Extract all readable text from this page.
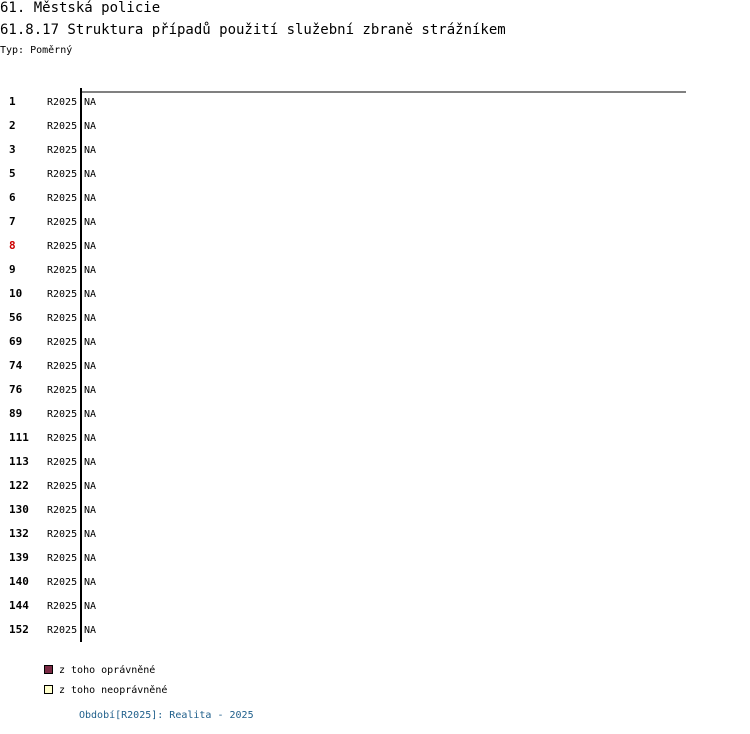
61. Městská policie
61.8.17 Struktura případů použití služební zbraně strážníkem
Typ: Poměrný
1	R2025 NA
2	R2025 NA
3	R2025 NA
5	R2025 NA
6	R2025 NA
7	R2025 NA
8	R2025 NA
9	R2025 NA
10 R2025 NA
56 R2025 NA
69 R2025 NA
74 R2025 NA
76 R2025 NA
89 R2025 NA
111 R2025 NA
113 R2025 NA
122 R2025 NA
130 R2025 NA
132 R2025 NA
139 R2025 NA
140 R2025 NA
144 R2025 NA
152 R2025 NA
z toho oprávněné
z toho neoprávněné
Období[R2025]: Realita - 2025
